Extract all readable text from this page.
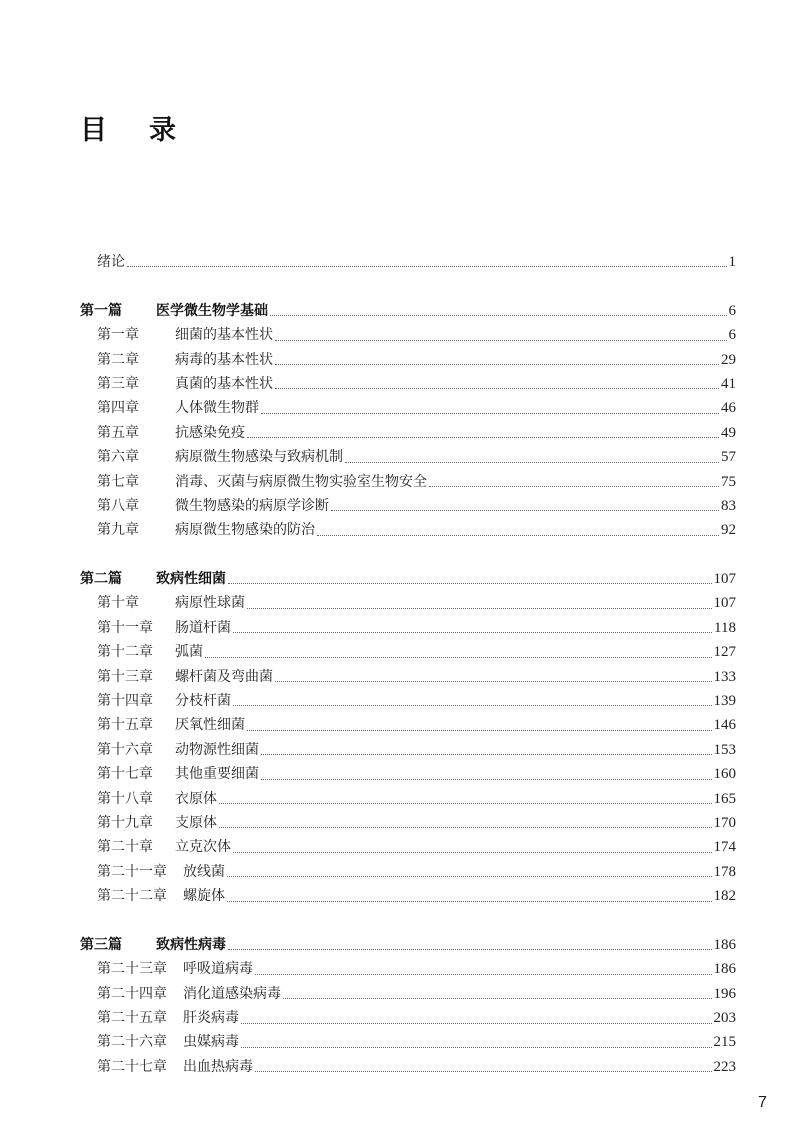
目 录
绪论	1
第一篇 医学微生物学基础	6
第一章	细菌的基本性状	6
第二章	病毒的基本性状	29
第三章	真菌的基本性状	41
第四章	人体微生物群	46
第五章	抗感染免疫	49
第六章	病原微生物感染与致病机制	57
第七章	消毒、灭菌与病原微生物实验室生物安全	75
第八章	微生物感染的病原学诊断	83
第九章	病原微生物感染的防治	92
第二篇 致病性细菌	107
第十章	病原性球菌	107
第十一章 肠道杆菌	118
第十二章 弧菌	127
第十三章 螺杆菌及弯曲菌	133
第十四章 分枝杆菌	139
第十五章 厌氧性细菌	146
第十六章 动物源性细菌	153
第十七章 其他重要细菌	160
第十八章 衣原体	165
第十九章 支原体	170
第二十章 立克次体	174
第二十一章 放线菌	178
第二十二章 螺旋体	182
第三篇 致病性病毒	186
第二十三章 呼吸道病毒	186
第二十四章 消化道感染病毒	196
第二十五章 肝炎病毒	203
第二十六章 虫媒病毒	215
第二十七章 出血热病毒	223
7
